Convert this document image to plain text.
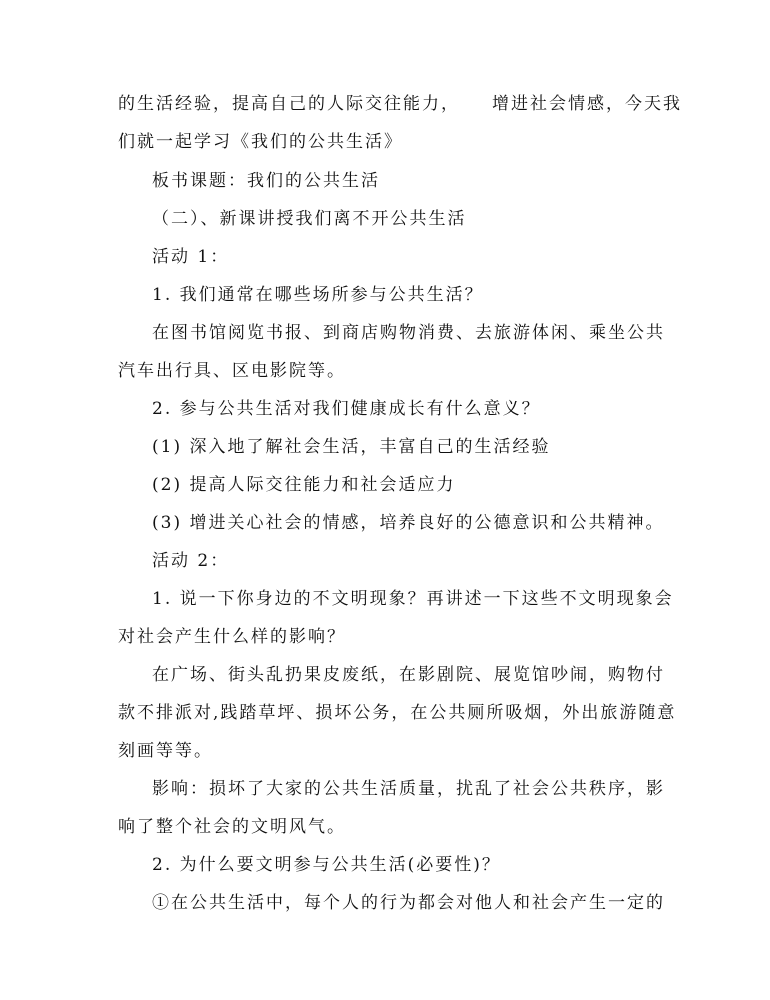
的生活经验，提高自己的人际交往能力， 增进社会情感，今天我
们就一起学习《我们的公共生活》
板书课题：我们的公共生活
（二）、新课讲授我们离不开公共生活
活动 1：
1. 我们通常在哪些场所参与公共生活？
在图书馆阅览书报、到商店购物消费、去旅游体闲、乘坐公共
汽车出行具、区电影院等。
2. 参与公共生活对我们健康成长有什么意义？
(1) 深入地了解社会生活，丰富自己的生活经验
(2) 提高人际交往能力和社会适应力
(3) 增进关心社会的情感，培养良好的公德意识和公共精神。
活动 2：
1. 说一下你身边的不文明现象？再讲述一下这些不文明现象会
对社会产生什么样的影响？
在广场、街头乱扔果皮废纸，在影剧院、展览馆吵闹，购物付
款不排派对,践踏草坪、损坏公务，在公共厕所吸烟，外出旅游随意
刻画等等。
影响：损坏了大家的公共生活质量，扰乱了社会公共秩序，影
响了整个社会的文明风气。
2. 为什么要文明参与公共生活(必要性)？
①在公共生活中，每个人的行为都会对他人和社会产生一定的
